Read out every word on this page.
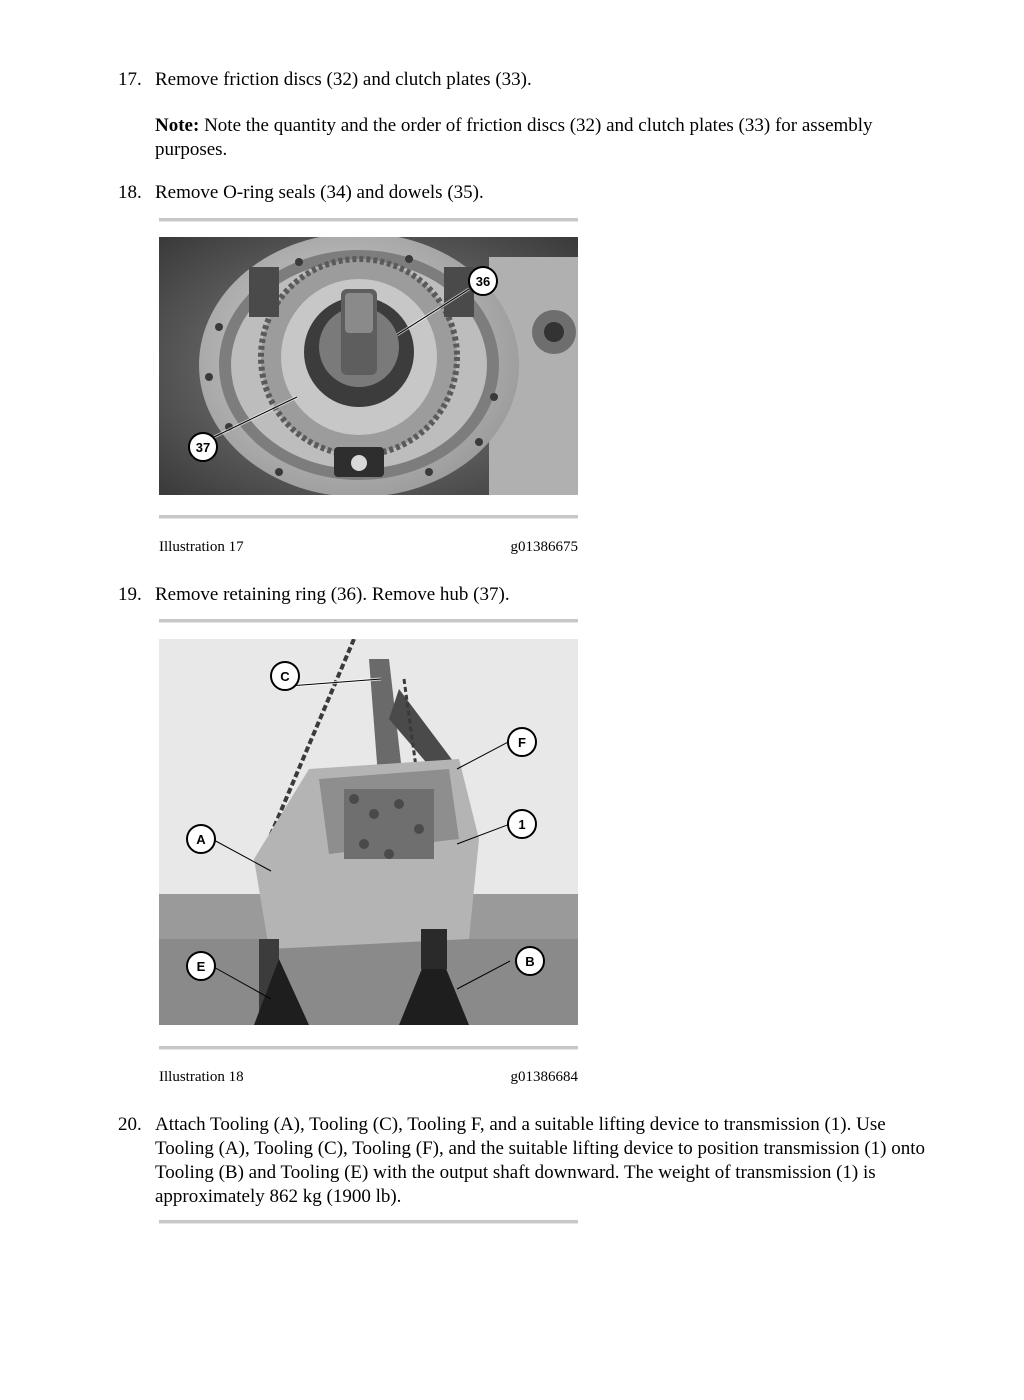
17. Remove friction discs (32) and clutch plates (33).
Note: Note the quantity and the order of friction discs (32) and clutch plates (33) for assembly purposes.
18. Remove O-ring seals (34) and dowels (35).
36
37
Illustration 17	g01386675
19. Remove retaining ring (36). Remove hub (37).
C
F
A
1
E	B
Illustration 18	g01386684
20. Attach Tooling (A), Tooling (C), Tooling F, and a suitable lifting device to transmission (1). Use Tooling (A), Tooling (C), Tooling (F), and the suitable lifting device to position transmission (1) onto Tooling (B) and Tooling (E) with the output shaft downward. The weight of transmission (1) is approximately 862 kg (1900 lb).
